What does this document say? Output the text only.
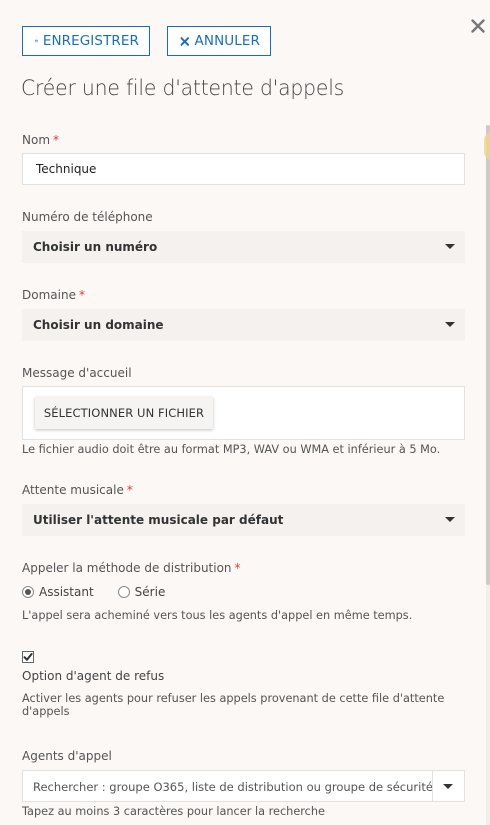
ENREGISTRER	ANNULER
Créer une file d'attente d'appels
Nom *
Technique
Numéro de téléphone
Choisir un numéro
Domaine *
Choisir un domaine
Message d'accueil
SÉLECTIONNER UN FICHIER
Le fichier audio doit être au format MP3, WAV ou WMA et inférieur à 5 Mo.
Attente musicale *
Utiliser l'attente musicale par défaut
Appeler la méthode de distribution *
Assistant	Série
L'appel sera acheminé vers tous les agents d'appel en même temps.
Option d'agent de refus
Activer les agents pour refuser les appels provenant de cette file d'attente d'appels
Agents d'appel
Rechercher : groupe O365, liste de distribution ou groupe de sécurité
Tapez au moins 3 caractères pour lancer la recherche
